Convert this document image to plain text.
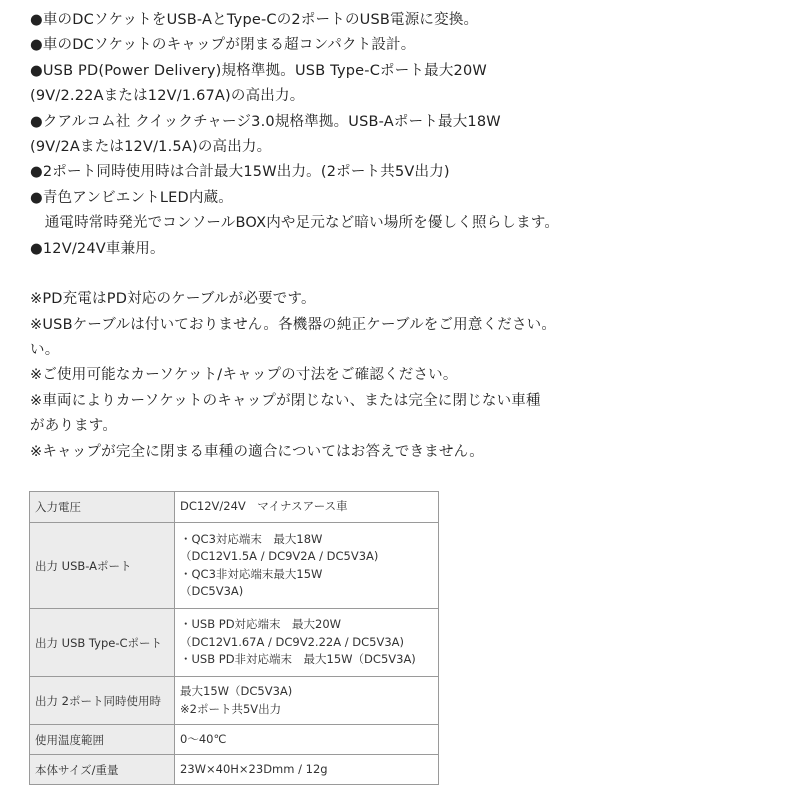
●車のDCソケットをUSB-AとType-Cの2ポートのUSB電源に変換。
●車のDCソケットのキャップが閉まる超コンパクト設計。
●USB PD(Power Delivery)規格準拠。USB Type-Cポート最大20W
(9V/2.22Aまたは12V/1.67A)の高出力。
●クアルコム社 クイックチャージ3.0規格準拠。USB-Aポート最大18W
(9V/2Aまたは12V/1.5A)の高出力。
●2ポート同時使用時は合計最大15W出力。(2ポート共5V出力)
●青色アンビエントLED内蔵。
　通電時常時発光でコンソールBOX内や足元など暗い場所を優しく照らします。
●12V/24V車兼用。
※PD充電はPD対応のケーブルが必要です。
※USBケーブルは付いておりません。各機器の純正ケーブルをご用意ください。
い。
※ご使用可能なカーソケット/キャップの寸法をご確認ください。
※車両によりカーソケットのキャップが閉じない、または完全に閉じない車種
があります。
※キャップが完全に閉まる車種の適合についてはお答えできません。
入力電圧	DC12V/24V　マイナスアース車

出力 USB-Aポート	・QC3対応端末　最大18W
（DC12V1.5A / DC9V2A / DC5V3A)
・QC3非対応端末最大15W
（DC5V3A)

出力 USB Type-Cポート	・USB PD対応端末　最大20W
（DC12V1.67A / DC9V2.22A / DC5V3A)
・USB PD非対応端末　最大15W（DC5V3A)

出力 2ポート同時使用時	最大15W（DC5V3A)
※2ポート共5V出力

使用温度範囲	0〜40℃

本体サイズ/重量	23W×40H×23Dmm / 12g
